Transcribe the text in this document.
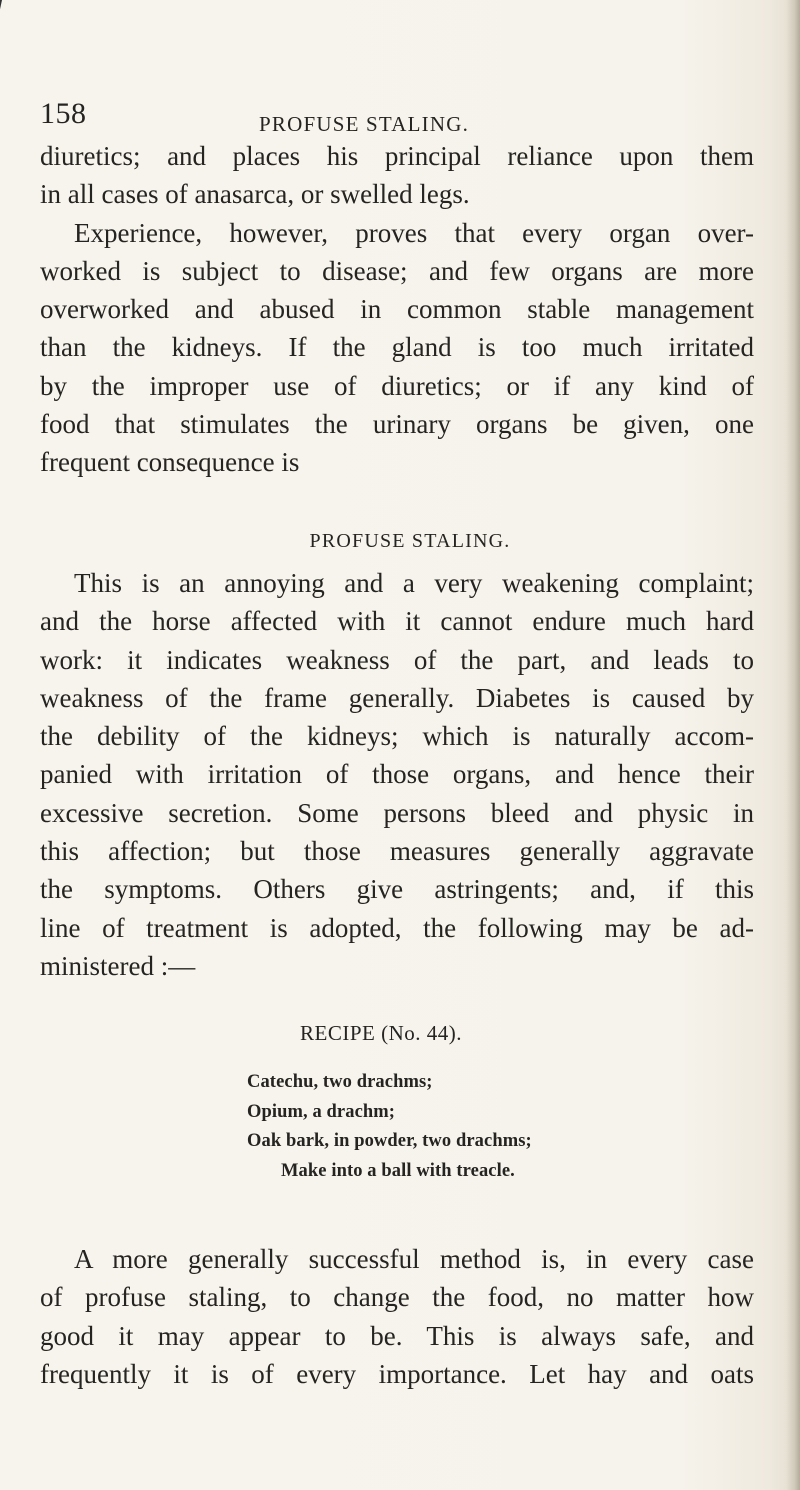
158	PROFUSE STALING.
diuretics; and places his principal reliance upon them
in all cases of anasarca, or swelled legs.
Experience, however, proves that every organ over-
worked is subject to disease; and few organs are more
overworked and abused in common stable management
than the kidneys. If the gland is too much irritated
by the improper use of diuretics; or if any kind of
food that stimulates the urinary organs be given, one
frequent consequence is
PROFUSE STALING.
This is an annoying and a very weakening complaint;
and the horse affected with it cannot endure much hard
work: it indicates weakness of the part, and leads to
weakness of the frame generally. Diabetes is caused by
the debility of the kidneys; which is naturally accom-
panied with irritation of those organs, and hence their
excessive secretion. Some persons bleed and physic in
this affection; but those measures generally aggravate
the symptoms. Others give astringents; and, if this
line of treatment is adopted, the following may be ad-
ministered :—
RECIPE (No. 44).
Catechu, two drachms;
Opium, a drachm;
Oak bark, in powder, two drachms;
Make into a ball with treacle.
A more generally successful method is, in every case
of profuse staling, to change the food, no matter how
good it may appear to be. This is always safe, and
frequently it is of every importance. Let hay and oats
